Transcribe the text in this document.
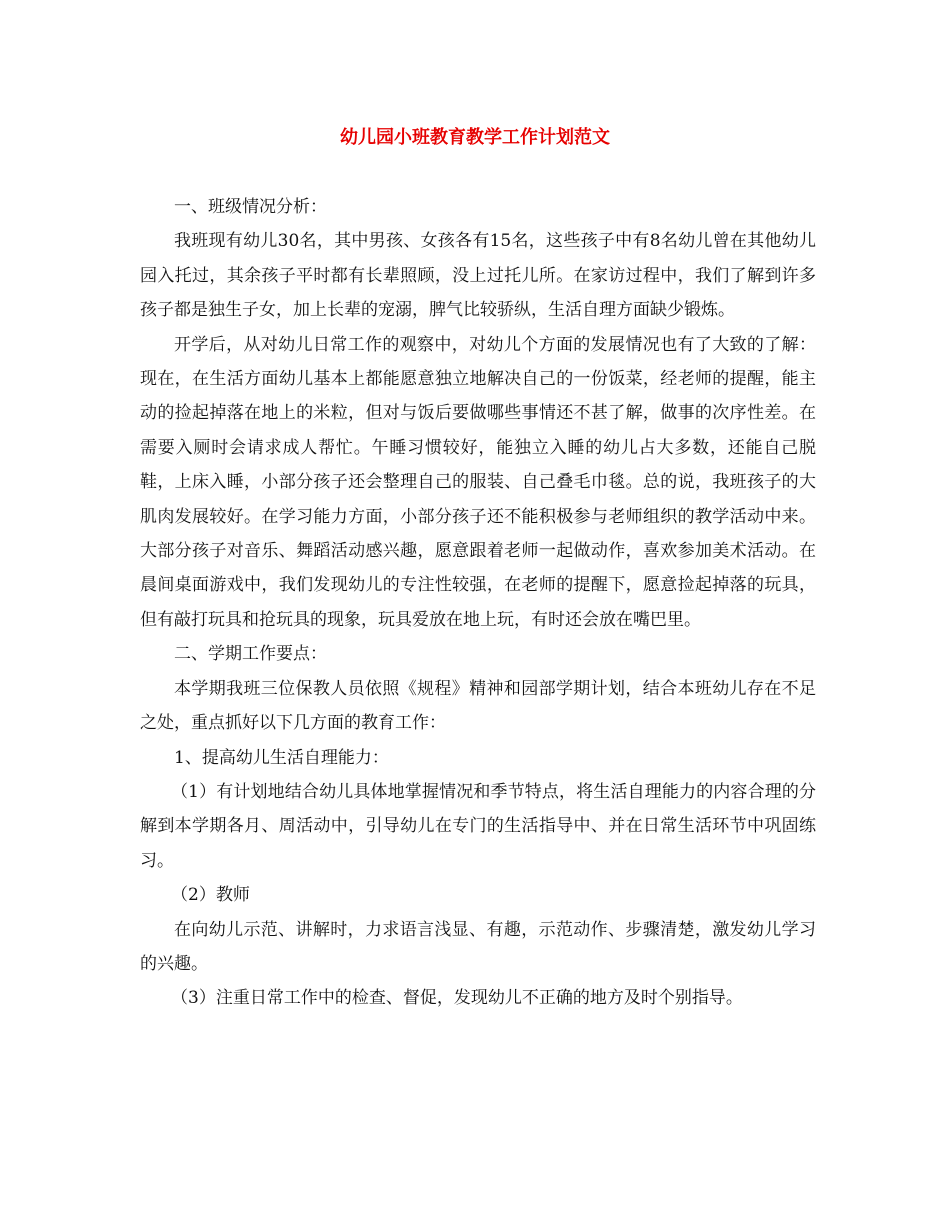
幼儿园小班教育教学工作计划范文

一、班级情况分析：

我班现有幼儿30名，其中男孩、女孩各有15名，这些孩子中有8名幼儿曾在其他幼儿园入托过，其余孩子平时都有长辈照顾，没上过托儿所。在家访过程中，我们了解到许多孩子都是独生子女，加上长辈的宠溺，脾气比较骄纵，生活自理方面缺少锻炼。

开学后，从对幼儿日常工作的观察中，对幼儿个方面的发展情况也有了大致的了解：现在，在生活方面幼儿基本上都能愿意独立地解决自己的一份饭菜，经老师的提醒，能主动的捡起掉落在地上的米粒，但对与饭后要做哪些事情还不甚了解，做事的次序性差。在需要入厕时会请求成人帮忙。午睡习惯较好，能独立入睡的幼儿占大多数，还能自己脱鞋，上床入睡，小部分孩子还会整理自己的服装、自己叠毛巾毯。总的说，我班孩子的大肌肉发展较好。在学习能力方面，小部分孩子还不能积极参与老师组织的教学活动中来。大部分孩子对音乐、舞蹈活动感兴趣，愿意跟着老师一起做动作，喜欢参加美术活动。在晨间桌面游戏中，我们发现幼儿的专注性较强，在老师的提醒下，愿意捡起掉落的玩具，但有敲打玩具和抢玩具的现象，玩具爱放在地上玩，有时还会放在嘴巴里。

二、学期工作要点：

本学期我班三位保教人员依照《规程》精神和园部学期计划，结合本班幼儿存在不足之处，重点抓好以下几方面的教育工作：

1、提高幼儿生活自理能力：

（1）有计划地结合幼儿具体地掌握情况和季节特点，将生活自理能力的内容合理的分解到本学期各月、周活动中，引导幼儿在专门的生活指导中、并在日常生活环节中巩固练习。

（2）教师

在向幼儿示范、讲解时，力求语言浅显、有趣，示范动作、步骤清楚，激发幼儿学习的兴趣。

（3）注重日常工作中的检查、督促，发现幼儿不正确的地方及时个别指导。
